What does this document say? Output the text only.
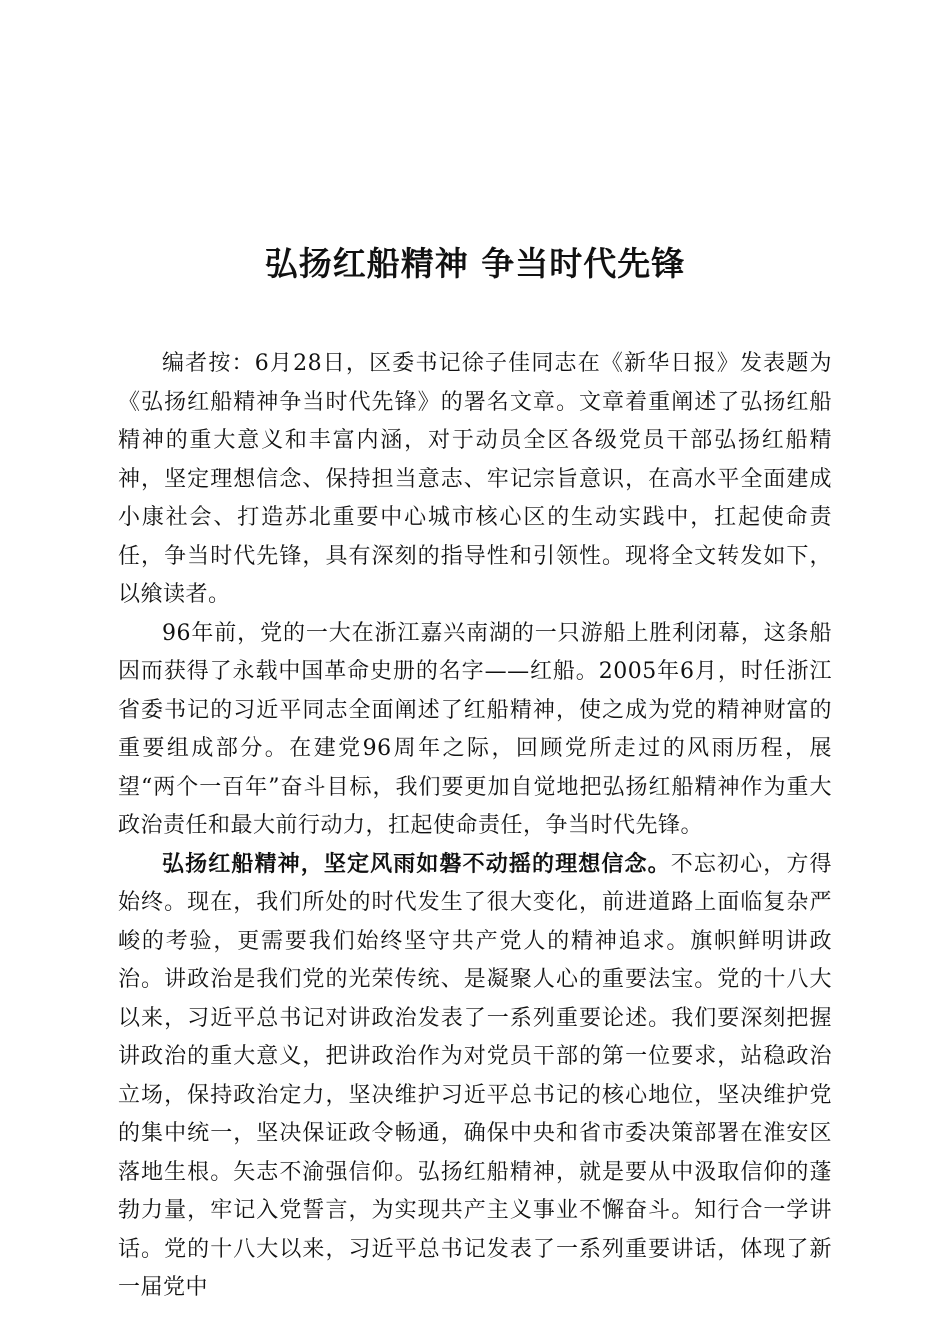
弘扬红船精神 争当时代先锋

编者按：6月28日，区委书记徐子佳同志在《新华日报》发表题为《弘扬红船精神争当时代先锋》的署名文章。文章着重阐述了弘扬红船精神的重大意义和丰富内涵，对于动员全区各级党员干部弘扬红船精神，坚定理想信念、保持担当意志、牢记宗旨意识，在高水平全面建成小康社会、打造苏北重要中心城市核心区的生动实践中，扛起使命责任，争当时代先锋，具有深刻的指导性和引领性。现将全文转发如下，以飨读者。

96年前，党的一大在浙江嘉兴南湖的一只游船上胜利闭幕，这条船因而获得了永载中国革命史册的名字——红船。2005年6月，时任浙江省委书记的习近平同志全面阐述了红船精神，使之成为党的精神财富的重要组成部分。在建党96周年之际，回顾党所走过的风雨历程，展望“两个一百年”奋斗目标，我们要更加自觉地把弘扬红船精神作为重大政治责任和最大前行动力，扛起使命责任，争当时代先锋。

弘扬红船精神，坚定风雨如磐不动摇的理想信念。不忘初心，方得始终。现在，我们所处的时代发生了很大变化，前进道路上面临复杂严峻的考验，更需要我们始终坚守共产党人的精神追求。旗帜鲜明讲政治。讲政治是我们党的光荣传统、是凝聚人心的重要法宝。党的十八大以来，习近平总书记对讲政治发表了一系列重要论述。我们要深刻把握讲政治的重大意义，把讲政治作为对党员干部的第一位要求，站稳政治立场，保持政治定力，坚决维护习近平总书记的核心地位，坚决维护党的集中统一，坚决保证政令畅通，确保中央和省市委决策部署在淮安区落地生根。矢志不渝强信仰。弘扬红船精神，就是要从中汲取信仰的蓬勃力量，牢记入党誓言，为实现共产主义事业不懈奋斗。知行合一学讲话。党的十八大以来，习近平总书记发表了一系列重要讲话，体现了新一届党中
